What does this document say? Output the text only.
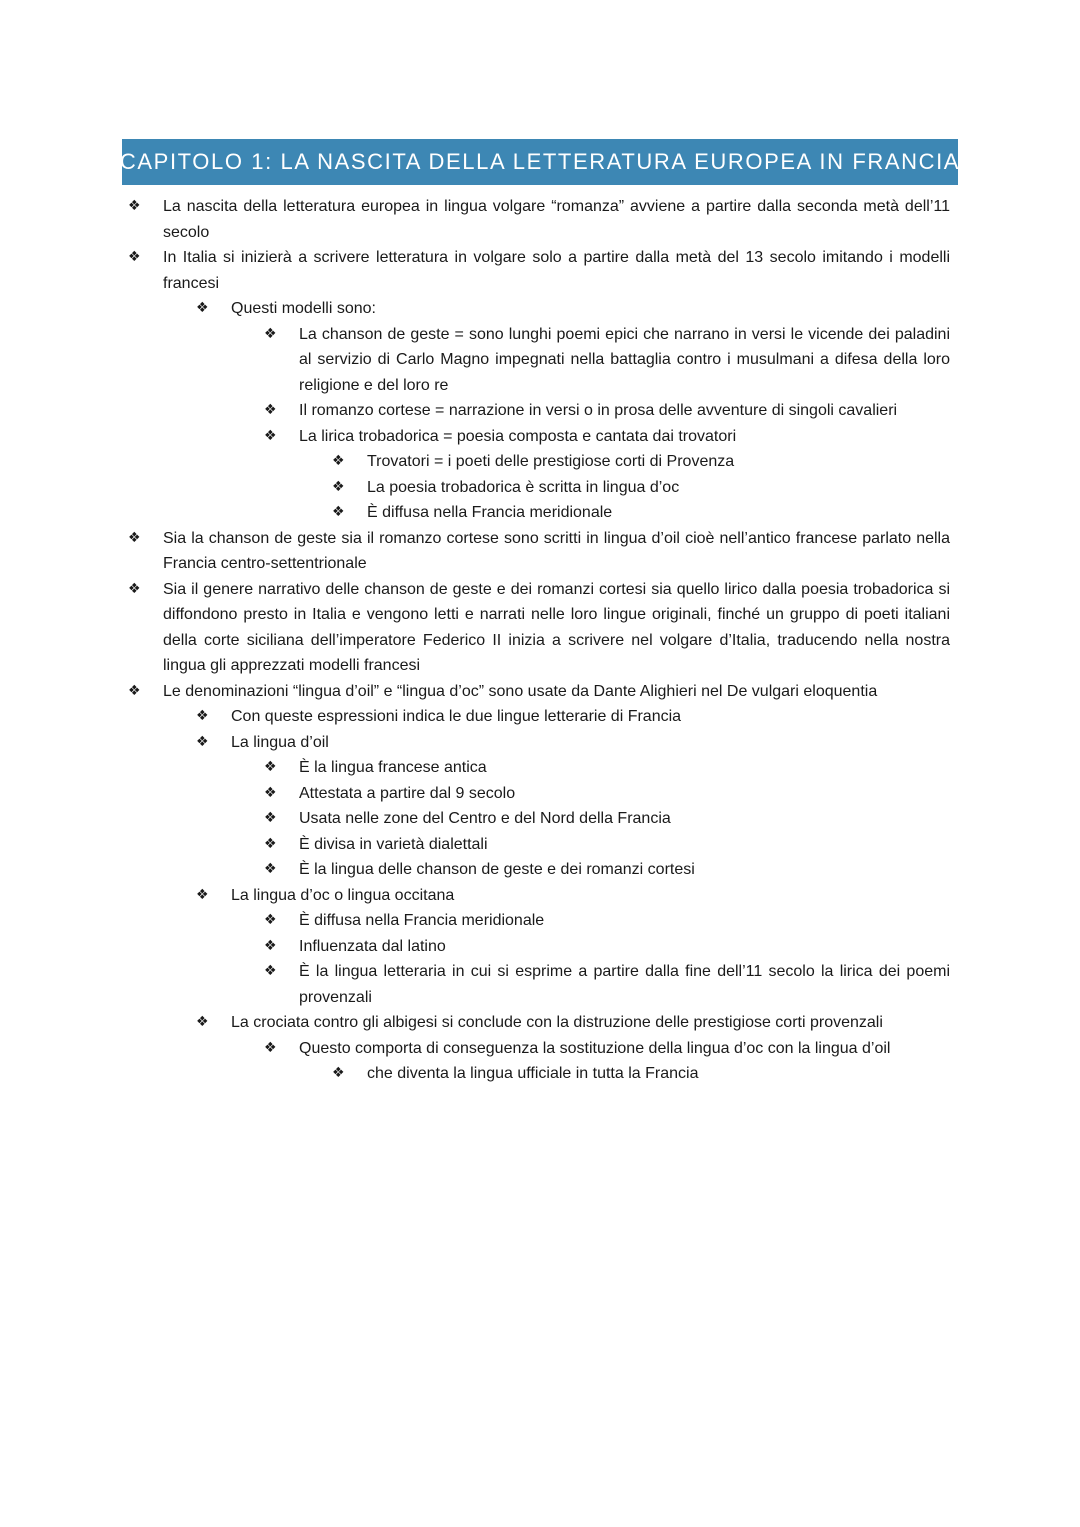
CAPITOLO 1: LA NASCITA DELLA LETTERATURA EUROPEA IN FRANCIA
❖	La nascita della letteratura europea in lingua volgare “romanza” avviene a partire dalla seconda metà dell’11 secolo
❖	In Italia si inizierà a scrivere letteratura in volgare solo a partire dalla metà del 13 secolo imitando i modelli francesi
❖	Questi modelli sono:
❖	La chanson de geste = sono lunghi poemi epici che narrano in versi le vicende dei paladini al servizio di Carlo Magno impegnati nella battaglia contro i musulmani a difesa della loro religione e del loro re
❖	Il romanzo cortese = narrazione in versi o in prosa delle avventure di singoli cavalieri
❖	La lirica trobadorica = poesia composta e cantata dai trovatori
❖	Trovatori = i poeti delle prestigiose corti di Provenza
❖	La poesia trobadorica è scritta in lingua d’oc
❖	È diffusa nella Francia meridionale
❖	Sia la chanson de geste sia il romanzo cortese sono scritti in lingua d’oil cioè nell’antico francese parlato nella Francia centro-settentrionale
❖	Sia il genere narrativo delle chanson de geste e dei romanzi cortesi sia quello lirico dalla poesia trobadorica si diffondono presto in Italia e vengono letti e narrati nelle loro lingue originali, finché un gruppo di poeti italiani della corte siciliana dell’imperatore Federico II inizia a scrivere nel volgare d’Italia, traducendo nella nostra lingua gli apprezzati modelli francesi
❖	Le denominazioni “lingua d’oil” e “lingua d’oc” sono usate da Dante Alighieri nel De vulgari eloquentia
❖	Con queste espressioni indica le due lingue letterarie di Francia
❖	La lingua d’oil
❖	È la lingua francese antica
❖	Attestata a partire dal 9 secolo
❖	Usata nelle zone del Centro e del Nord della Francia
❖	È divisa in varietà dialettali
❖	È la lingua delle chanson de geste e dei romanzi cortesi
❖	La lingua d’oc o lingua occitana
❖	È diffusa nella Francia meridionale
❖	Influenzata dal latino
❖	È la lingua letteraria in cui si esprime a partire dalla fine dell’11 secolo la lirica dei poemi provenzali
❖	La crociata contro gli albigesi si conclude con la distruzione delle prestigiose corti provenzali
❖	Questo comporta di conseguenza la sostituzione della lingua d’oc con la lingua d’oil
❖	che diventa la lingua ufficiale in tutta la Francia
